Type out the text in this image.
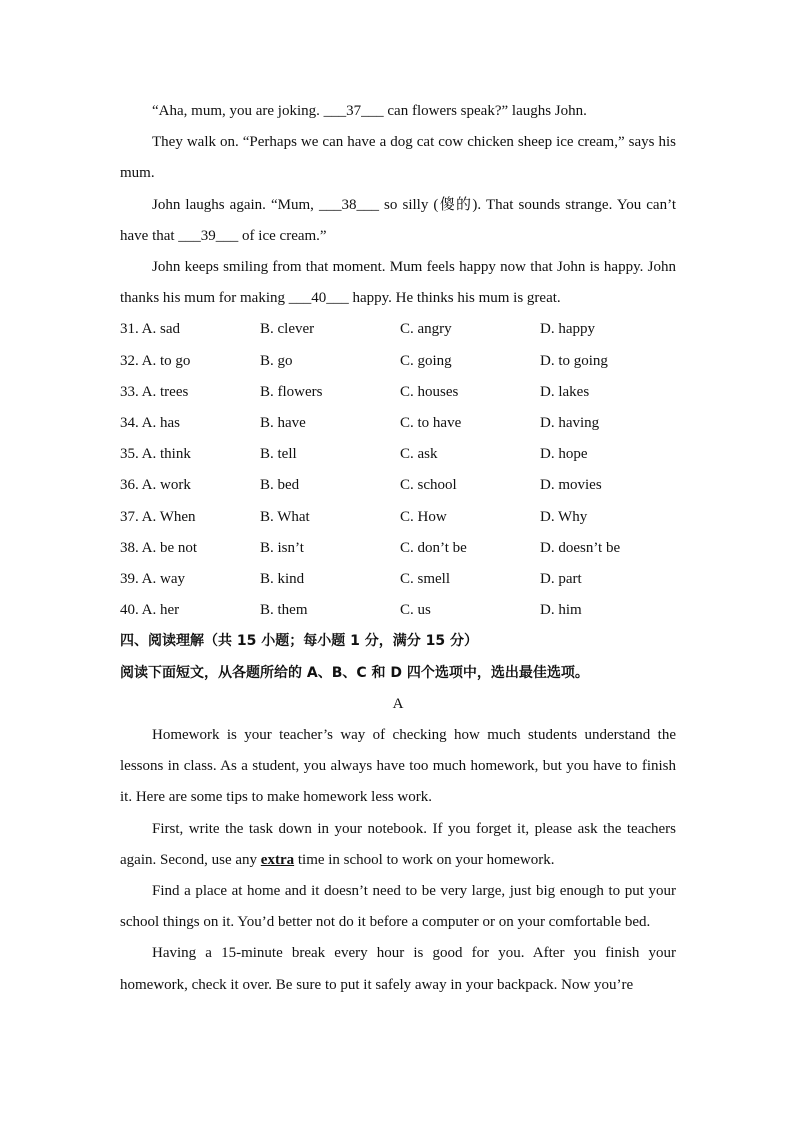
“Aha, mum, you are joking. ___37___ can flowers speak?” laughs John.

They walk on. “Perhaps we can have a dog cat cow chicken sheep ice cream,” says his mum.

John laughs again. “Mum, ___38___ so silly (傻的). That sounds strange. You can’t have that ___39___ of ice cream.”

John keeps smiling from that moment. Mum feels happy now that John is happy. John thanks his mum for making ___40___ happy. He thinks his mum is great.

31. A. sad	B. clever	C. angry	D. happy
32. A. to go	B. go	C. going	D. to going
33. A. trees	B. flowers	C. houses	D. lakes
34. A. has	B. have	C. to have	D. having
35. A. think	B. tell	C. ask	D. hope
36. A. work	B. bed	C. school	D. movies
37. A. When	B. What	C. How	D. Why
38. A. be not	B. isn’t	C. don’t be	D. doesn’t be
39. A. way	B. kind	C. smell	D. part
40. A. her	B. them	C. us	D. him

四、阅读理解（共 15 小题；每小题 1 分，满分 15 分）

阅读下面短文，从各题所给的 A、B、C 和 D 四个选项中，选出最佳选项。

A

Homework is your teacher’s way of checking how much students understand the lessons in class. As a student, you always have too much homework, but you have to finish it. Here are some tips to make homework less work.

First, write the task down in your notebook. If you forget it, please ask the teachers again. Second, use any extra time in school to work on your homework.

Find a place at home and it doesn’t need to be very large, just big enough to put your school things on it. You’d better not do it before a computer or on your comfortable bed.

Having a 15-minute break every hour is good for you. After you finish your homework, check it over. Be sure to put it safely away in your backpack. Now you’re
